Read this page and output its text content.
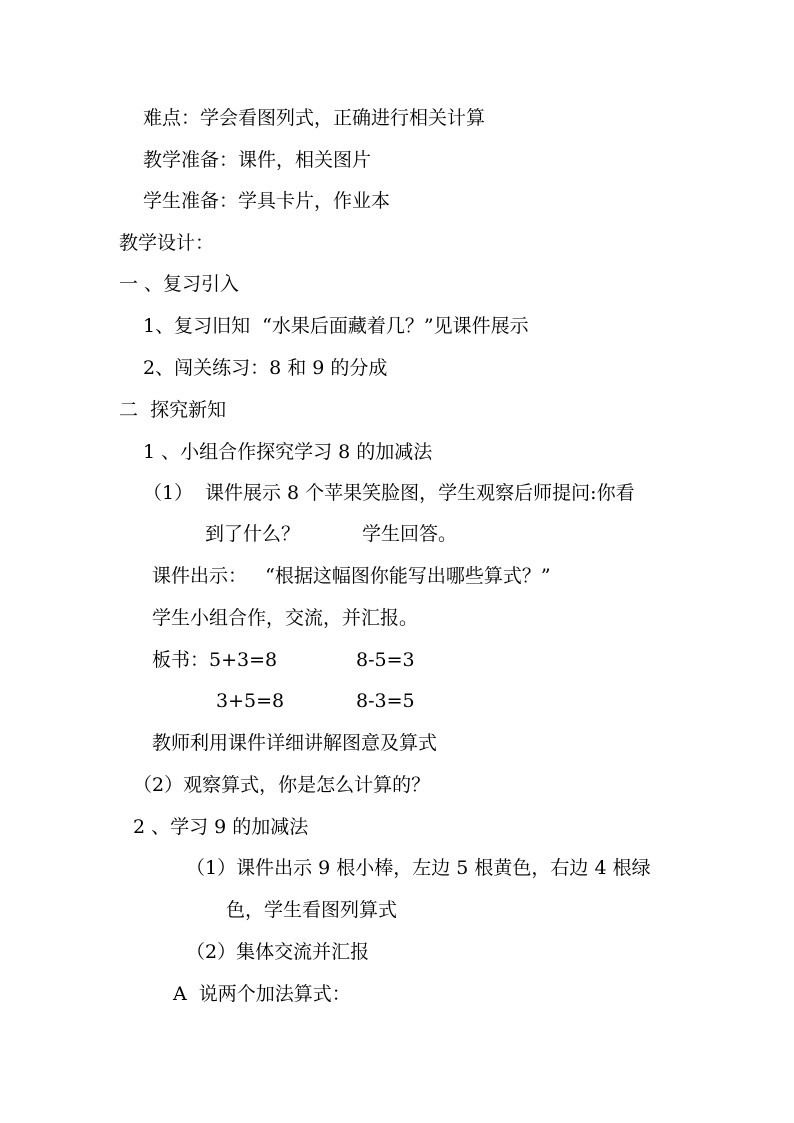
难点：学会看图列式，正确进行相关计算
教学准备：课件，相关图片
学生准备：学具卡片，作业本
教学设计：
一 、复习引入
1、复习旧知  “水果后面藏着几？”见课件展示
2、闯关练习：8 和 9 的分成
二  探究新知
1 、小组合作探究学习 8 的加减法
（1） 课件展示 8 个苹果笑脸图，学生观察后师提问:你看
到了什么？	学生回答。
课件出示：   “根据这幅图你能写出哪些算式？”
学生小组合作，交流，并汇报。
板书：5+3=8	8-5=3
3+5=8	8-3=5
教师利用课件详细讲解图意及算式
（2）观察算式，你是怎么计算的？
2 、学习 9 的加减法
（1）课件出示 9 根小棒，左边 5 根黄色，右边 4 根绿
色，学生看图列算式
（2）集体交流并汇报
A  说两个加法算式：
